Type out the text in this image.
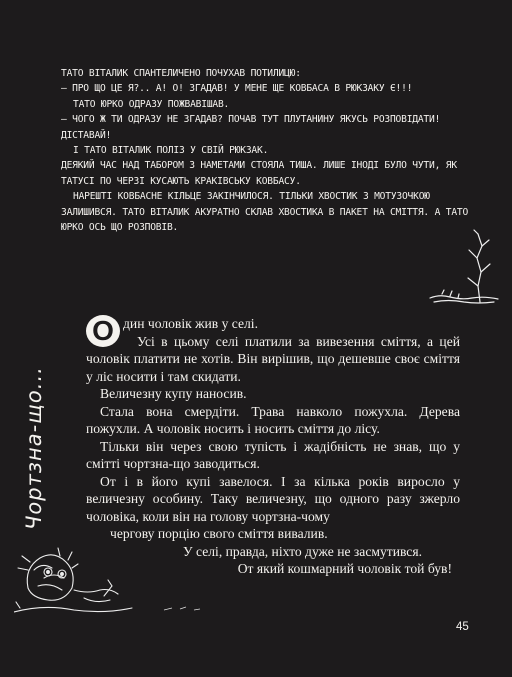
ТАТО ВІТАЛИК СПАНТЕЛИЧЕНО ПОЧУХАВ ПОТИЛИЦЮ:

— ПРО ЩО ЦЕ Я?.. А! О! ЗГАДАВ! У МЕНЕ ЩЕ КОВБАСА В РЮКЗАКУ Є!!!

ТАТО ЮРКО ОДРАЗУ ПОЖВАВІШАВ.

— ЧОГО Ж ТИ ОДРАЗУ НЕ ЗГАДАВ? ПОЧАВ ТУТ ПЛУТАНИНУ ЯКУСЬ РОЗПОВІДАТИ! ДІСТАВАЙ!

І ТАТО ВІТАЛИК ПОЛІЗ У СВІЙ РЮКЗАК.

ДЕЯКИЙ ЧАС НАД ТАБОРОМ З НАМЕТАМИ СТОЯЛА ТИША. ЛИШЕ ІНОДІ БУЛО ЧУТИ, ЯК ТАТУСІ ПО ЧЕРЗІ КУСАЮТЬ КРАКІВСЬКУ КОВБАСУ.

НАРЕШТІ КОВБАСНЕ КІЛЬЦЕ ЗАКІНЧИЛОСЯ. ТІЛЬКИ ХВОСТИК З МОТУЗОЧКОЮ ЗАЛИШИВСЯ. ТАТО ВІТАЛИК АКУРАТНО СКЛАВ ХВОСТИКА В ПАКЕТ НА СМІТТЯ. А ТАТО ЮРКО ОСЬ ЩО РОЗПОВІВ.

О дин чоловік жив у селі.

Усі в цьому селі платили за вивезення сміття, а цей чоловік платити не хотів. Він вирішив, що дешевше своє сміття у ліс носити і там скидати.

Величезну купу наносив.

Стала вона смердіти. Трава навколо пожухла. Дерева пожухли. А чоловік носить і носить сміття до лісу.

Тільки він через свою тупість і жадібність не знав, що у смітті чортзна-що заводиться.

От і в його купі завелося. І за кілька років виросло у величезну особину. Таку величезну, що одного разу зжерло чоловіка, коли він на голову чортзна-чому

чергову порцію свого сміття вивалив.

У селі, правда, ніхто дуже не засмутився.

От який кошмарний чоловік той був!

Чортзна-що...
45
